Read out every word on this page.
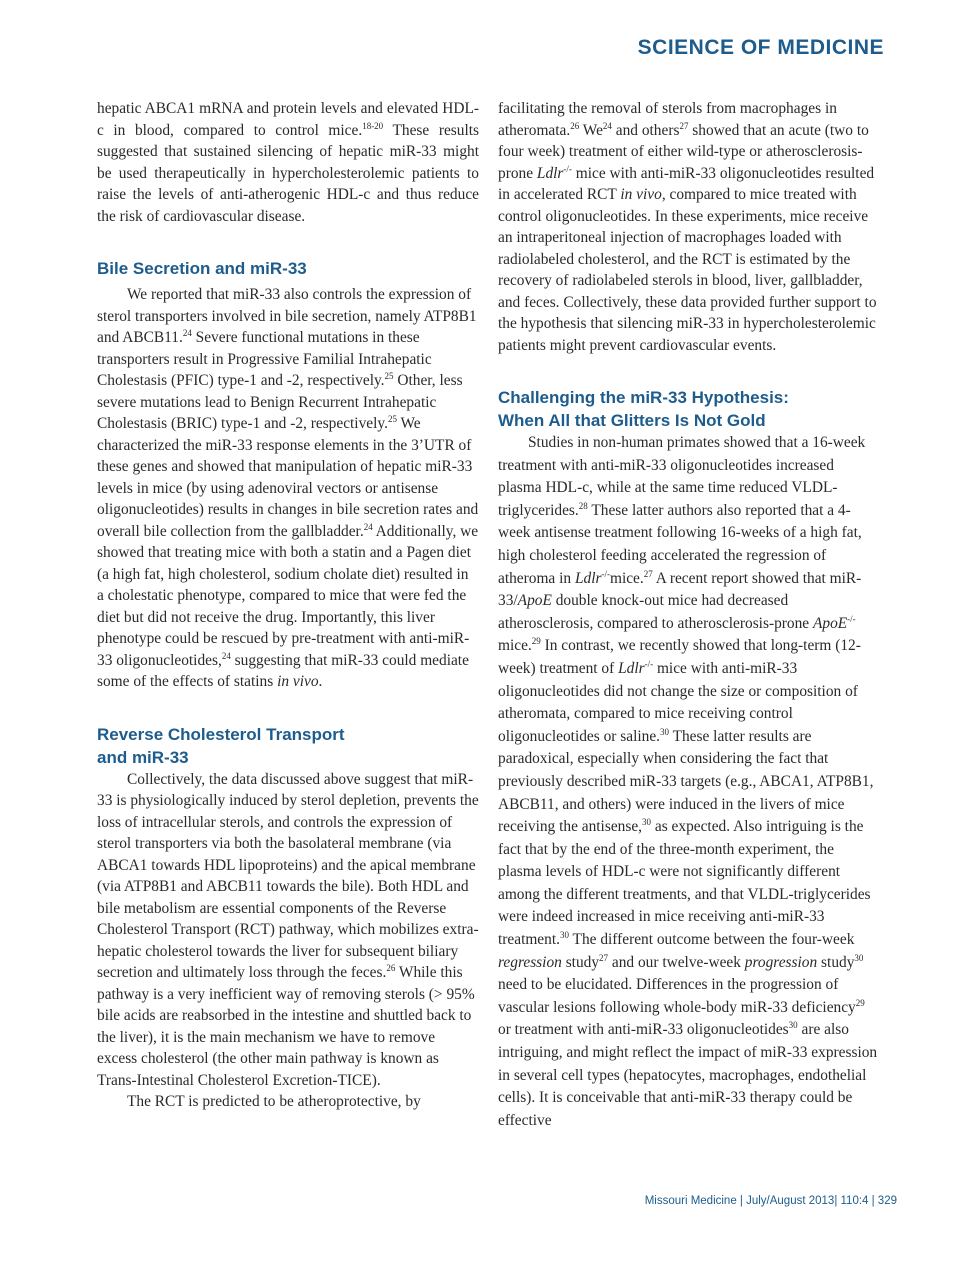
SCIENCE OF MEDICINE

hepatic ABCA1 mRNA and protein levels and elevated HDL-c in blood, compared to control mice.$^{18-20}$ These results suggested that sustained silencing of hepatic miR-33 might be used therapeutically in hypercholesterolemic patients to raise the levels of anti-atherogenic HDL-c and thus reduce the risk of cardiovascular disease.

Bile Secretion and miR-33

We reported that miR-33 also controls the expression of sterol transporters involved in bile secretion, namely ATP8B1 and ABCB11.24 Severe functional mutations in these transporters result in Progressive Familial Intrahepatic Cholestasis (PFIC) type-1 and -2, respectively.$^{25}$ Other, less severe mutations lead to Benign Recurrent Intrahepatic Cholestasis (BRIC) type-1 and -2, respectively.$^{25}$ We characterized the miR-33 response elements in the 3’UTR of these genes and showed that manipulation of hepatic miR-33 levels in mice (by using adenoviral vectors or antisense oligonucleotides) results in changes in bile secretion rates and overall bile collection from the gallbladder.$^{24}$ Additionally, we showed that treating mice with both a statin and a Pagen diet (a high fat, high cholesterol, sodium cholate diet) resulted in a cholestatic phenotype, compared to mice that were fed the diet but did not receive the drug. Importantly, this liver phenotype could be rescued by pre-treatment with anti-miR-33 oligonucleotides,$^{24}$ suggesting that miR-33 could mediate some of the effects of statins in vivo.

Reverse Cholesterol Transport and miR-33

Collectively, the data discussed above suggest that miR-33 is physiologically induced by sterol depletion, prevents the loss of intracellular sterols, and controls the expression of sterol transporters via both the basolateral membrane (via ABCA1 towards HDL lipoproteins) and the apical membrane (via ATP8B1 and ABCB11 towards the bile). Both HDL and bile metabolism are essential components of the Reverse Cholesterol Transport (RCT) pathway, which mobilizes extra-hepatic cholesterol towards the liver for subsequent biliary secretion and ultimately loss through the feces.$^{26}$ While this pathway is a very inefficient way of removing sterols (> 95% bile acids are reabsorbed in the intestine and shuttled back to the liver), it is the main mechanism we have to remove excess cholesterol (the other main pathway is known as Trans-Intestinal Cholesterol Excretion-TICE).

The RCT is predicted to be atheroprotective, by

facilitating the removal of sterols from macrophages in atheromata.$^{26}$ We$^{24}$ and others$^{27}$ showed that an acute (two to four week) treatment of either wild-type or atherosclerosis-prone Ldlr-/- mice with anti-miR-33 oligonucleotides resulted in accelerated RCT in vivo, compared to mice treated with control oligonucleotides. In these experiments, mice receive an intraperitoneal injection of macrophages loaded with radiolabeled cholesterol, and the RCT is estimated by the recovery of radiolabeled sterols in blood, liver, gallbladder, and feces. Collectively, these data provided further support to the hypothesis that silencing miR-33 in hypercholesterolemic patients might prevent cardiovascular events.

Challenging the miR-33 Hypothesis: When All that Glitters Is Not Gold

Studies in non-human primates showed that a 16-week treatment with anti-miR-33 oligonucleotides increased plasma HDL-c, while at the same time reduced VLDL-triglycerides.$^{28}$ These latter authors also reported that a 4-week antisense treatment following 16-weeks of a high fat, high cholesterol feeding accelerated the regression of atheroma in Ldlr-/-mice.$^{27}$ A recent report showed that miR-33/ApoE double knock-out mice had decreased atherosclerosis, compared to atherosclerosis-prone ApoE-/- mice.$^{29}$ In contrast, we recently showed that long-term (12-week) treatment of Ldlr-/- mice with anti-miR-33 oligonucleotides did not change the size or composition of atheromata, compared to mice receiving control oligonucleotides or saline.$^{30}$ These latter results are paradoxical, especially when considering the fact that previously described miR-33 targets (e.g., ABCA1, ATP8B1, ABCB11, and others) were induced in the livers of mice receiving the antisense,$^{30}$ as expected. Also intriguing is the fact that by the end of the three-month experiment, the plasma levels of HDL-c were not significantly different among the different treatments, and that VLDL-triglycerides were indeed increased in mice receiving anti-miR-33 treatment.$^{30}$ The different outcome between the four-week regression study$^{27}$ and our twelve-week progression study$^{30}$ need to be elucidated. Differences in the progression of vascular lesions following whole-body miR-33 deficiency$^{29}$ or treatment with anti-miR-33 oligonucleotides$^{30}$ are also intriguing, and might reflect the impact of miR-33 expression in several cell types (hepatocytes, macrophages, endothelial cells). It is conceivable that anti-miR-33 therapy could be effective

Missouri Medicine | July/August 2013| 110:4 | 329
